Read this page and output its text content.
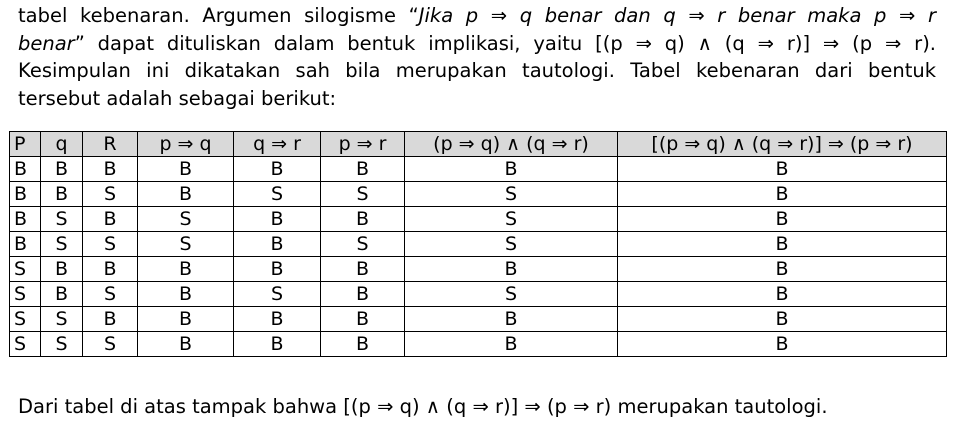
tabel kebenaran. Argumen silogisme “Jika p ⇒ q benar dan q ⇒ r benar maka p ⇒ r
benar” dapat dituliskan dalam bentuk implikasi, yaitu [(p ⇒ q) ∧ (q ⇒ r)] ⇒ (p ⇒ r).
Kesimpulan ini dikatakan sah bila merupakan tautologi. Tabel kebenaran dari bentuk
tersebut adalah sebagai berikut:
P	q	R	p ⇒ q	q ⇒ r	p ⇒ r	(p ⇒ q) ∧ (q ⇒ r)	[(p ⇒ q) ∧ (q ⇒ r)] ⇒ (p ⇒ r)
B	B	B	B	B	B	B	B
B	B	S	B	S	S	S	B
B	S	B	S	B	B	S	B
B	S	S	S	B	S	S	B
S	B	B	B	B	B	B	B
S	B	S	B	S	B	S	B
S	S	B	B	B	B	B	B
S	S	S	B	B	B	B	B

Dari tabel di atas tampak bahwa [(p ⇒ q) ∧ (q ⇒ r)] ⇒ (p ⇒ r) merupakan tautologi.
